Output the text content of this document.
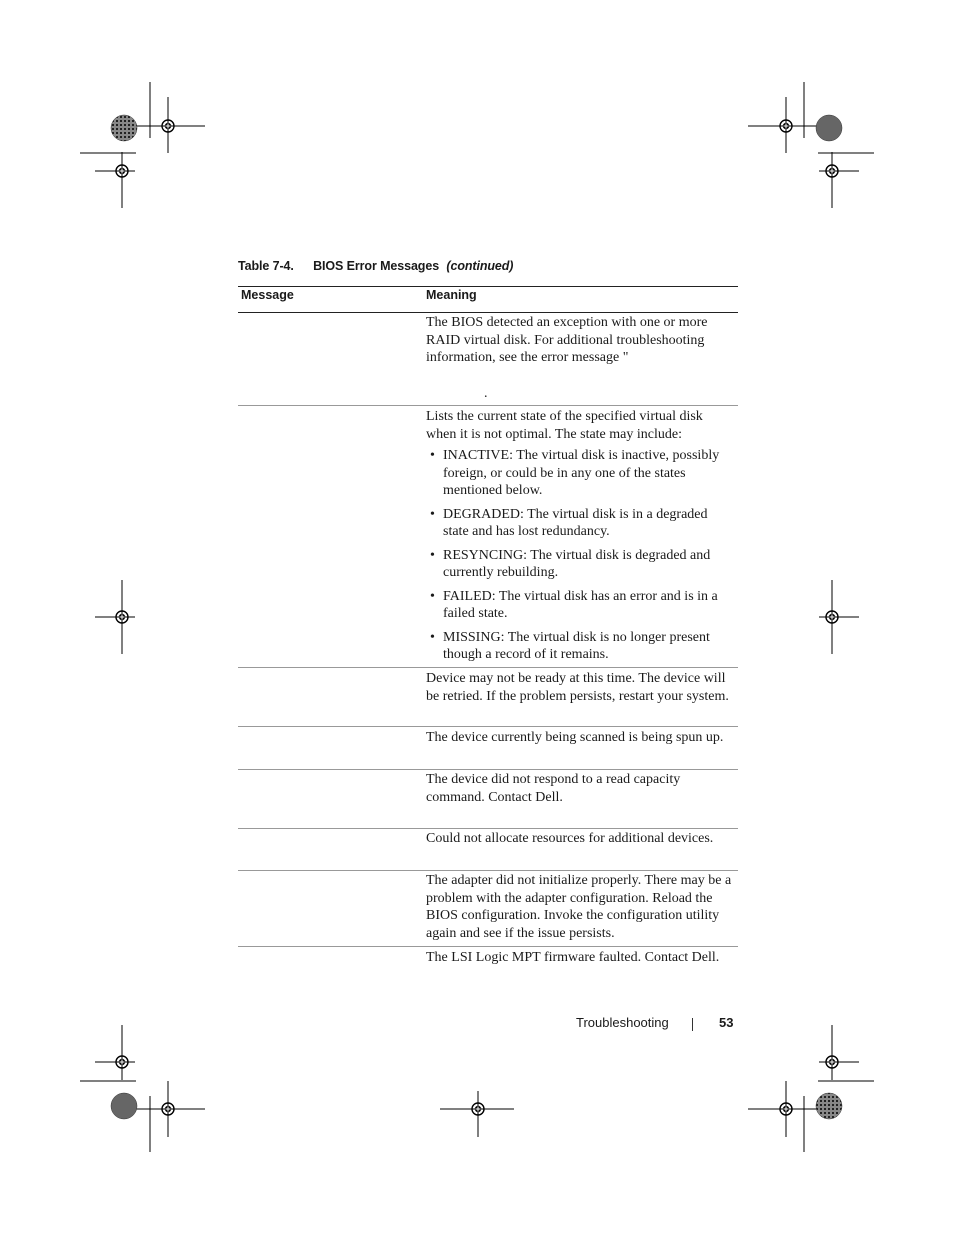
Table 7-4. BIOS Error Messages (continued)
Message	Meaning

The BIOS detected an exception with one or more RAID virtual disk. For additional troubleshooting information, see the error message "

.

Lists the current state of the specified virtual disk when it is not optimal. The state may include:

• INACTIVE: The virtual disk is inactive, possibly foreign, or could be in any one of the states mentioned below.
• DEGRADED: The virtual disk is in a degraded state and has lost redundancy.
• RESYNCING: The virtual disk is degraded and currently rebuilding.
• FAILED: The virtual disk has an error and is in a failed state.
• MISSING: The virtual disk is no longer present though a record of it remains.

Device may not be ready at this time. The device will be retried. If the problem persists, restart your system.

The device currently being scanned is being spun up.

The device did not respond to a read capacity command. Contact Dell.

Could not allocate resources for additional devices.

The adapter did not initialize properly. There may be a problem with the adapter configuration. Reload the BIOS configuration. Invoke the configuration utility again and see if the issue persists.

The LSI Logic MPT firmware faulted. Contact Dell.

Troubleshooting	53
